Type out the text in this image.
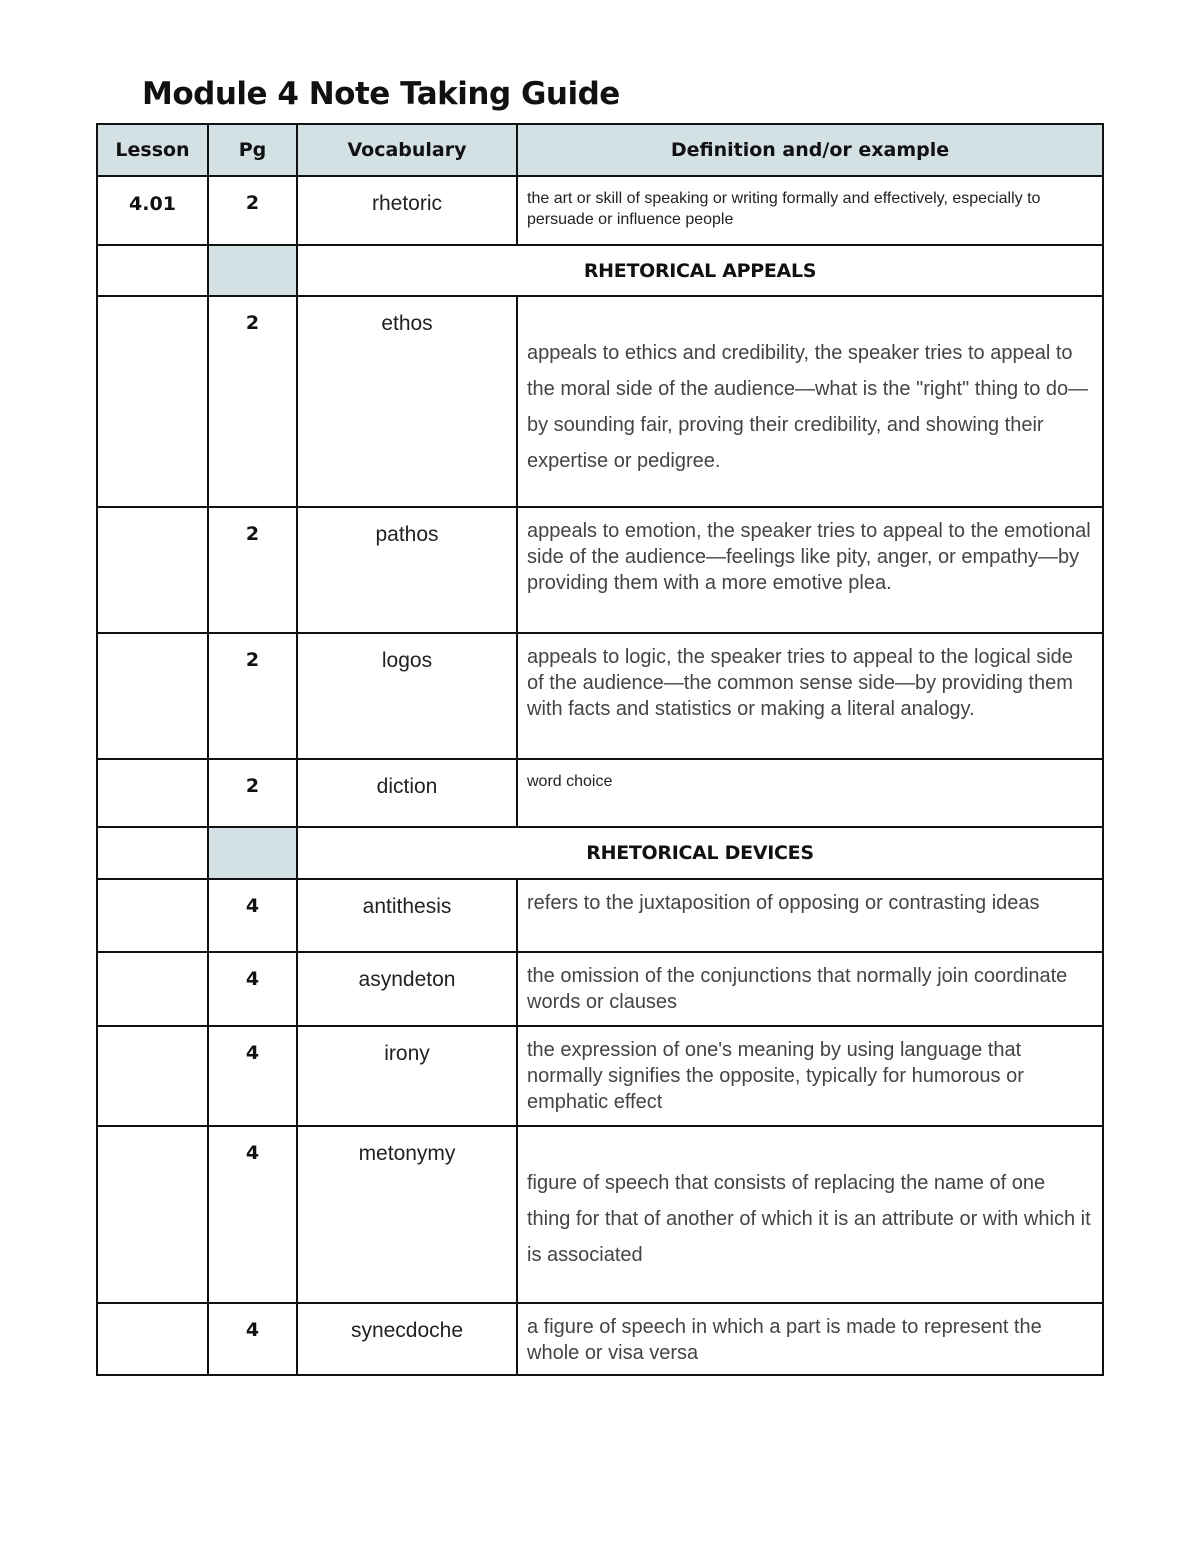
Module 4 Note Taking Guide
Lesson	Pg	Vocabulary	Definition and/or example
4.01	2	rhetoric	the art or skill of speaking or writing formally and effectively, especially to persuade or influence people
		RHETORICAL APPEALS	
	2	ethos	appeals to ethics and credibility, the speaker tries to appeal to the moral side of the audience—what is the "right" thing to do—by sounding fair, proving their credibility, and showing their expertise or pedigree.
	2	pathos	appeals to emotion, the speaker tries to appeal to the emotional side of the audience—feelings like pity, anger, or empathy—by providing them with a more emotive plea.
	2	logos	appeals to logic, the speaker tries to appeal to the logical side of the audience—the common sense side—by providing them with facts and statistics or making a literal analogy.
	2	diction	word choice
		RHETORICAL DEVICES	
	4	antithesis	refers to the juxtaposition of opposing or contrasting ideas
	4	asyndeton	the omission of the conjunctions that normally join coordinate words or clauses
	4	irony	the expression of one's meaning by using language that normally signifies the opposite, typically for humorous or emphatic effect
	4	metonymy	figure of speech that consists of replacing the name of one thing for that of another of which it is an attribute or with which it is associated
	4	synecdoche	a figure of speech in which a part is made to represent the whole or visa versa
